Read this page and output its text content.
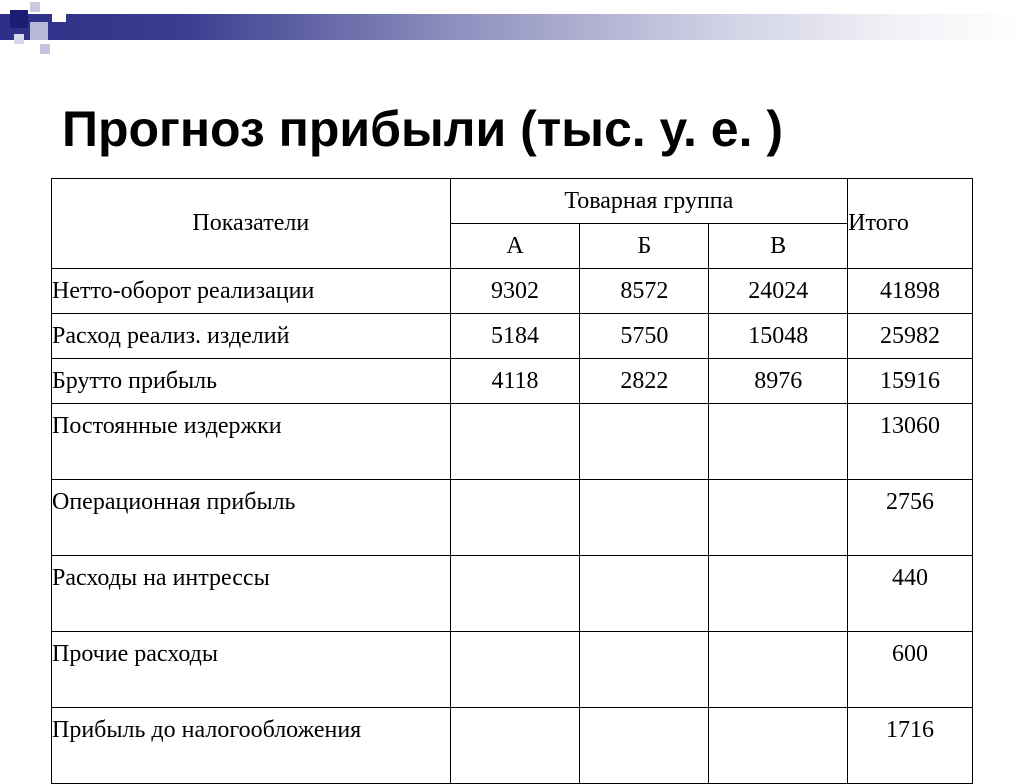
Прогноз прибыли (тыс. у. е. )
Показатели	Товарная группа			Итого
	А	Б	В	
Нетто-оборот реализации	9302	8572	24024	41898
Расход реализ. изделий	5184	5750	15048	25982
Брутто прибыль	4118	2822	8976	15916
Постоянные издержки				13060
Операционная прибыль				2756
Расходы на интрессы				440
Прочие расходы				600
Прибыль до налогообложения				1716
